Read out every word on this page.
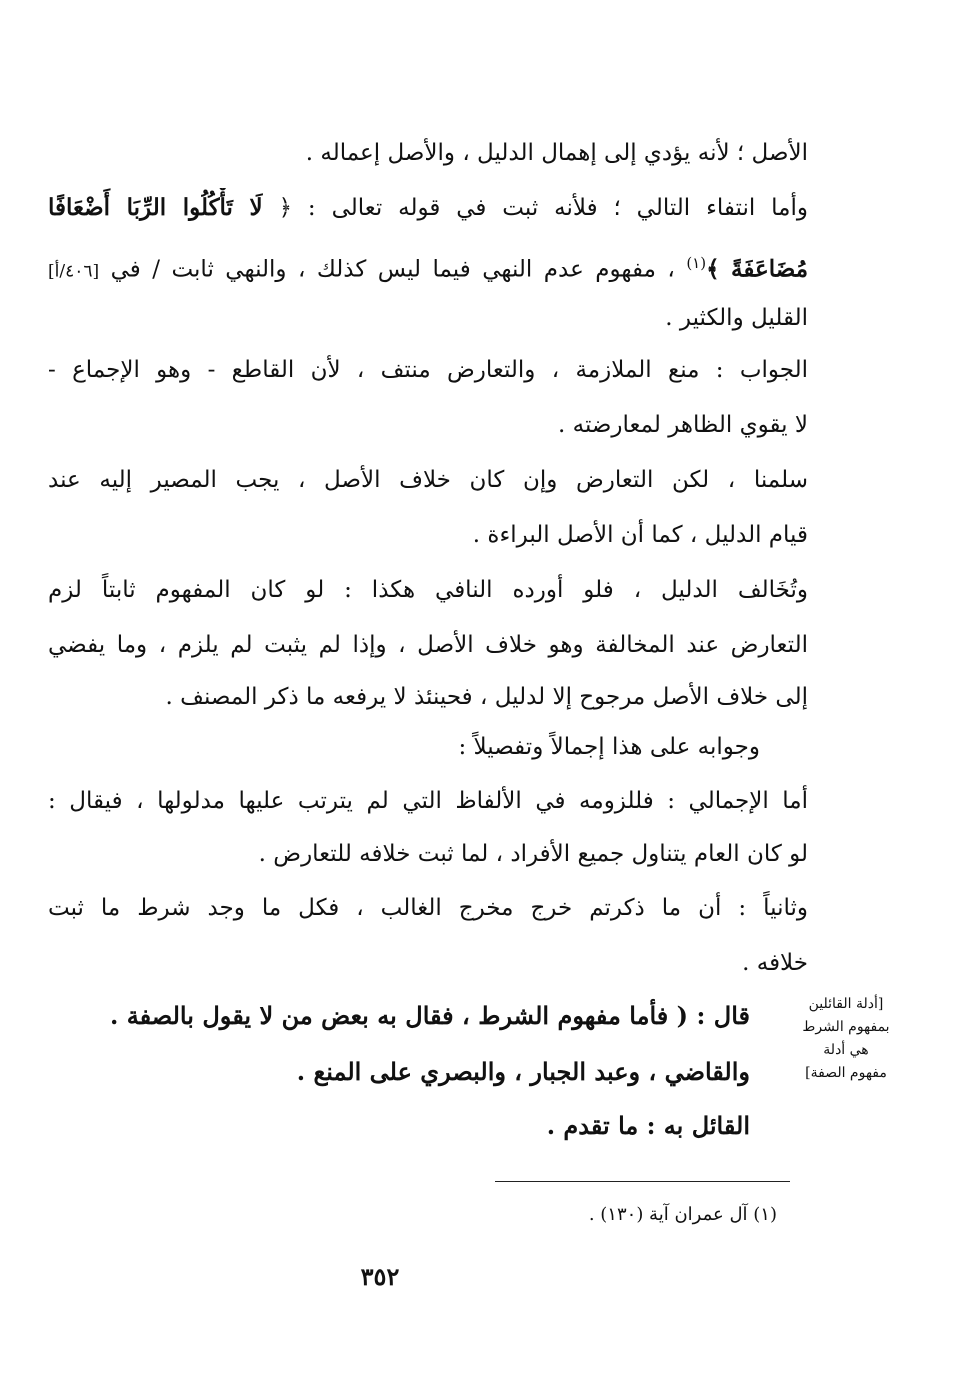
الأصل ؛ لأنه يؤدي إلى إهمال الدليل ، والأصل إعماله .
وأما انتفاء التالي ؛ فلأنه ثبت في قوله تعالى : ﴿ لَا تَأْكُلُوا الرِّبَا أَضْعَافًا
مُضَاعَفَةً ﴾$^{(١)}$ ، مفهوم عدم النهي فيما ليس كذلك ، والنهي ثابت / في [٤٠٦/أ]
القليل والكثير .
الجواب : منع الملازمة ، والتعارض منتف ، لأن القاطع - وهو الإجماع -
لا يقوي الظاهر لمعارضته .
سلمنا ، لكن التعارض وإن كان خلاف الأصل ، يجب المصير إليه عند
قيام الدليل ، كما أن الأصل البراءة .
وتُخَالف الدليل ، فلو أورده النافي هكذا : لو كان المفهوم ثابتاً لزم
التعارض عند المخالفة وهو خلاف الأصل ، وإذا لم يثبت لم يلزم ، وما يفضي
إلى خلاف الأصل مرجوح إلا لدليل ، فحينئذ لا يرفعه ما ذكر المصنف .
وجوابه على هذا إجمالاً وتفصيلاً :
أما الإجمالي : فللزومه في الألفاظ التي لم يترتب عليها مدلولها ، فيقال :
لو كان العام يتناول جميع الأفراد ، لما ثبت خلافه للتعارض .
وثانياً : أن ما ذكرتم خرج مخرج الغالب ، فكل ما وجد شرط ما ثبت
خلافه .
قال : ( فأما مفهوم الشرط ، فقال به بعض من لا يقول بالصفة .
والقاضي ، وعبد الجبار ، والبصري على المنع .
القائل به : ما تقدم .
[أدلة القائلين
بمفهوم الشرط
هي أدلة
مفهوم الصفة]
(١) آل عمران آية (١٣٠) .
٣٥٢
